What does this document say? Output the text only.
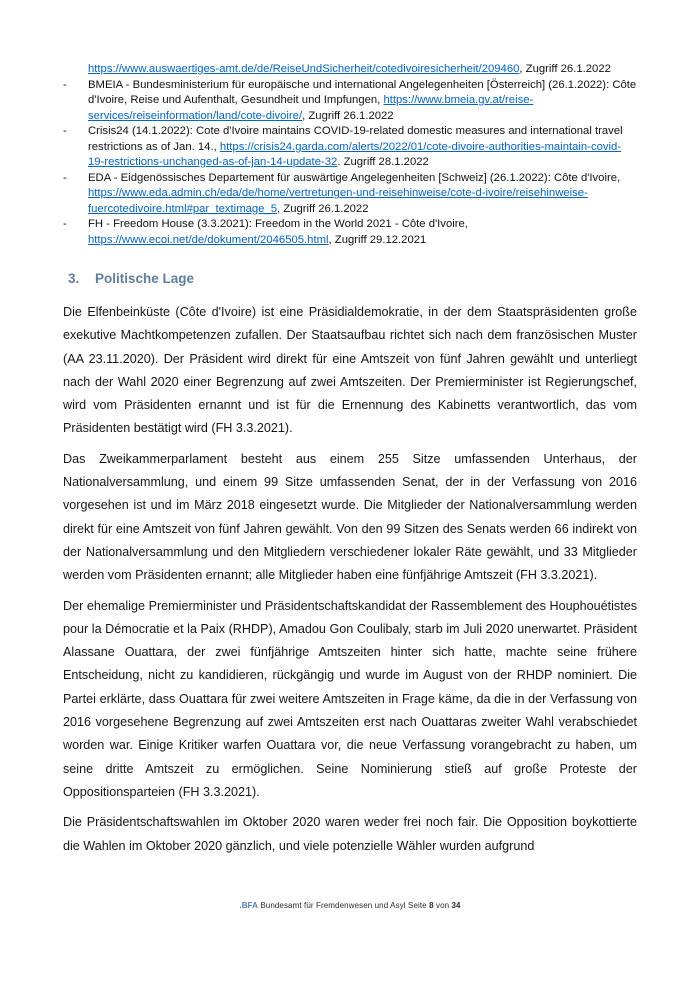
https://www.auswaertiges-amt.de/de/ReiseUndSicherheit/cotedivoiresicherheit/209460, Zugriff 26.1.2022
-	BMEIA - Bundesministerium für europäische und international Angelegenheiten [Österreich] (26.1.2022): Côte d'Ivoire, Reise und Aufenthalt, Gesundheit und Impfungen, https://www.bmeia.gv.at/reise-services/reiseinformation/land/cote-divoire/, Zugriff 26.1.2022
-	Crisis24 (14.1.2022): Cote d'Ivoire maintains COVID-19-related domestic measures and international travel restrictions as of Jan. 14., https://crisis24.garda.com/alerts/2022/01/cote-divoire-authorities-maintain-covid-19-restrictions-unchanged-as-of-jan-14-update-32. Zugriff 28.1.2022
-	EDA - Eidgenössisches Departement für auswärtige Angelegenheiten [Schweiz] (26.1.2022): Côte d'Ivoire, https://www.eda.admin.ch/eda/de/home/vertretungen-und-reisehinweise/cote-d-ivoire/reisehinweise-fuercotedivoire.html#par_textimage_5, Zugriff 26.1.2022
-	FH - Freedom House (3.3.2021): Freedom in the World 2021 - Côte d'Ivoire, https://www.ecoi.net/de/dokument/2046505.html, Zugriff 29.12.2021
3. Politische Lage

Die Elfenbeinküste (Côte d'Ivoire) ist eine Präsidialdemokratie, in der dem Staatspräsidenten große exekutive Machtkompetenzen zufallen. Der Staatsaufbau richtet sich nach dem französischen Muster (AA 23.11.2020). Der Präsident wird direkt für eine Amtszeit von fünf Jahren gewählt und unterliegt nach der Wahl 2020 einer Begrenzung auf zwei Amtszeiten. Der Premierminister ist Regierungschef, wird vom Präsidenten ernannt und ist für die Ernennung des Kabinetts verantwortlich, das vom Präsidenten bestätigt wird (FH 3.3.2021).

Das Zweikammerparlament besteht aus einem 255 Sitze umfassenden Unterhaus, der Nationalversammlung, und einem 99 Sitze umfassenden Senat, der in der Verfassung von 2016 vorgesehen ist und im März 2018 eingesetzt wurde. Die Mitglieder der Nationalversammlung werden direkt für eine Amtszeit von fünf Jahren gewählt. Von den 99 Sitzen des Senats werden 66 indirekt von der Nationalversammlung und den Mitgliedern verschiedener lokaler Räte gewählt, und 33 Mitglieder werden vom Präsidenten ernannt; alle Mitglieder haben eine fünfjährige Amtszeit (FH 3.3.2021).

Der ehemalige Premierminister und Präsidentschaftskandidat der Rassemblement des Houphouétistes pour la Démocratie et la Paix (RHDP), Amadou Gon Coulibaly, starb im Juli 2020 unerwartet. Präsident Alassane Ouattara, der zwei fünfjährige Amtszeiten hinter sich hatte, machte seine frühere Entscheidung, nicht zu kandidieren, rückgängig und wurde im August von der RHDP nominiert. Die Partei erklärte, dass Ouattara für zwei weitere Amtszeiten in Frage käme, da die in der Verfassung von 2016 vorgesehene Begrenzung auf zwei Amtszeiten erst nach Ouattaras zweiter Wahl verabschiedet worden war. Einige Kritiker warfen Ouattara vor, die neue Verfassung vorangebracht zu haben, um seine dritte Amtszeit zu ermöglichen. Seine Nominierung stieß auf große Proteste der Oppositionsparteien (FH 3.3.2021).

Die Präsidentschaftswahlen im Oktober 2020 waren weder frei noch fair. Die Opposition boykottierte die Wahlen im Oktober 2020 gänzlich, und viele potenzielle Wähler wurden aufgrund

.BFA Bundesamt für Fremdenwesen und Asyl Seite 8 von 34
